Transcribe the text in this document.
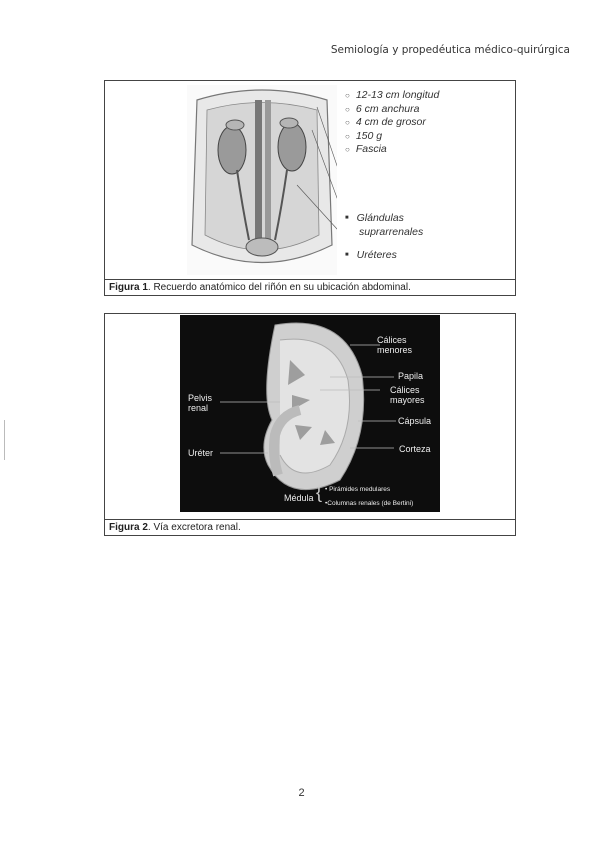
Semiología y propedéutica médico-quirúrgica
○ 12-13 cm longitud
○ 6 cm anchura
○ 4 cm de grosor
○ 150 g
○ Fascia
■ Glándulas
suprarrenales
■ Uréteres
Figura 1. Recuerdo anatómico del riñón en su ubicación abdominal.
Cálices
menores
Papila
Cálices
mayores
Cápsula
Corteza
Pelvis
renal
Uréter
Médula { • Pirámides medulares
•Columnas renales (de Bertini)
Figura 2. Vía excretora renal.
2
